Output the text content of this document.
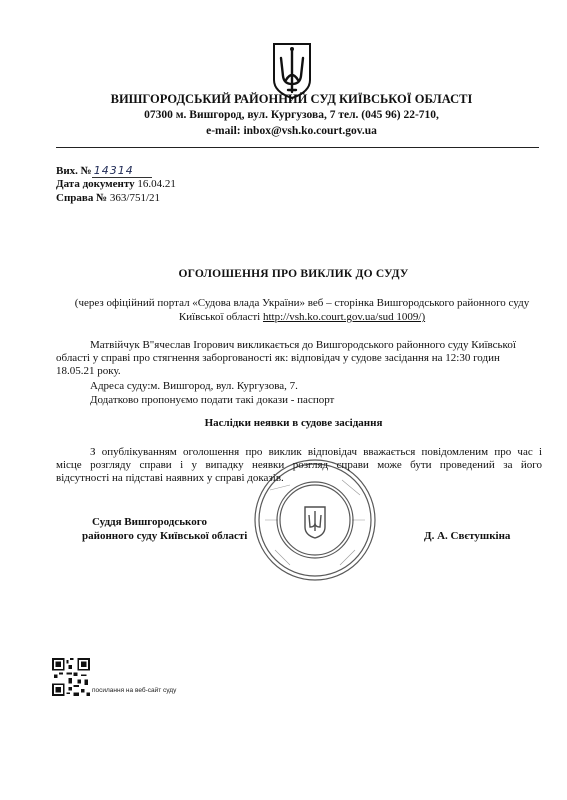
ВИШГОРОДСЬКИЙ РАЙОННИЙ СУД КИЇВСЬКОЇ ОБЛАСТІ
07300 м. Вишгород, вул. Кургузова, 7 тел. (045 96) 22-710,
e-mail: inbox@vsh.ko.court.gov.ua
Вих. № 14314
Дата документу 16.04.21
Справа № 363/751/21
ОГОЛОШЕННЯ ПРО ВИКЛИК ДО СУДУ
(через офіційний портал «Судова влада України» веб – сторінка Вишгородського районного суду
Київської області http://vsh.ko.court.gov.ua/sud 1009/)
Матвійчук В"ячеслав Ігорович викликається до Вишгородського районного суду Київської
області у справі про стягнення заборгованості як: відповідач у судове засідання на 12:30 годин
18.05.21 року.
Адреса суду:м. Вишгород, вул. Кургузова, 7.
Додатково пропонуємо подати такі докази - паспорт
Наслідки неявки в судове засідання
З опублікуванням оголошення про виклик відповідач вважається повідомленим про час і
місце розгляду справи і у випадку неявки розгляд справи може бути проведений за його
відсутності на підставі наявних у справі доказів.
Суддя Вишгородського
районного суду Київської області	Д. А. Свєтушкіна
посилання на веб-сайт суду
